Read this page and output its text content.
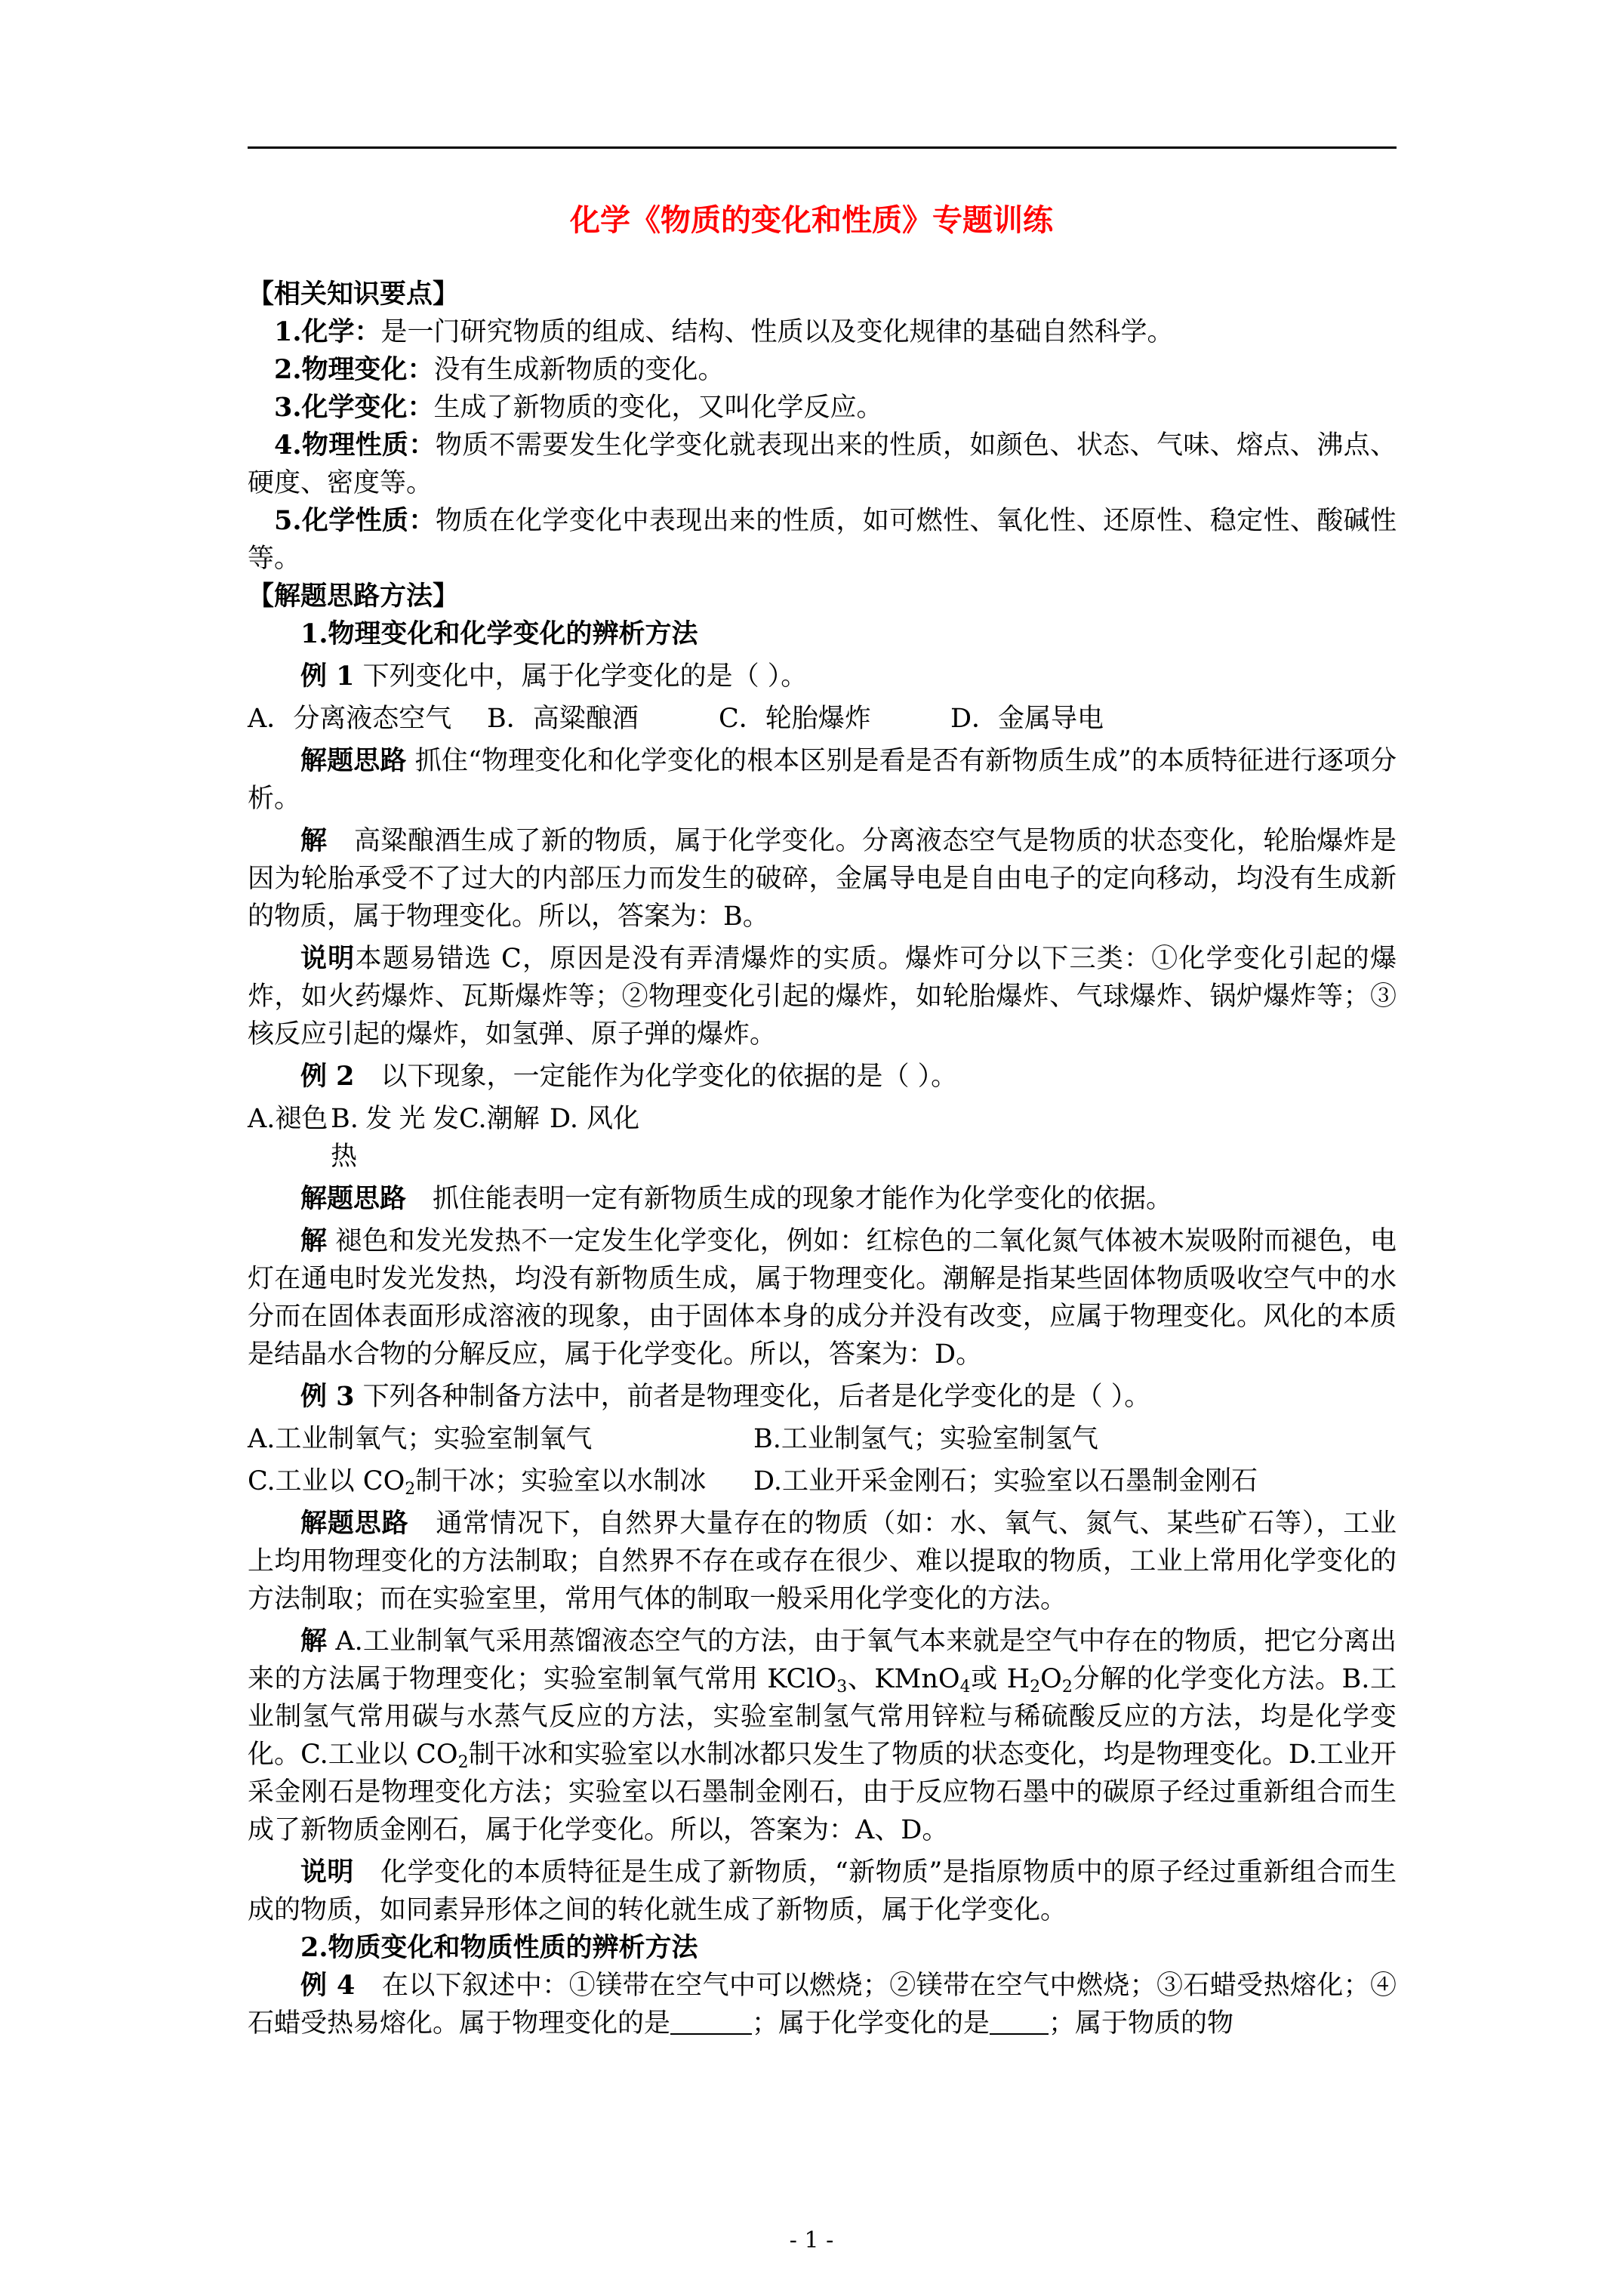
化学《物质的变化和性质》专题训练

【相关知识要点】

1.化学：是一门研究物质的组成、结构、性质以及变化规律的基础自然科学。

2.物理变化：没有生成新物质的变化。

3.化学变化：生成了新物质的变化，又叫化学反应。

4.物理性质：物质不需要发生化学变化就表现出来的性质，如颜色、状态、气味、熔点、沸点、硬度、密度等。

5.化学性质：物质在化学变化中表现出来的性质，如可燃性、氧化性、还原性、稳定性、酸碱性等。

【解题思路方法】

1.物理变化和化学变化的辨析方法

例 1 下列变化中，属于化学变化的是（ ）。

A．分离液态空气	B．高粱酿酒	C．轮胎爆炸	D．金属导电

解题思路 抓住“物理变化和化学变化的根本区别是看是否有新物质生成”的本质特征进行逐项分析。

解　高粱酿酒生成了新的物质，属于化学变化。分离液态空气是物质的状态变化，轮胎爆炸是因为轮胎承受不了过大的内部压力而发生的破碎，金属导电是自由电子的定向移动，均没有生成新的物质，属于物理变化。所以，答案为：B。

说明本题易错选 C，原因是没有弄清爆炸的实质。爆炸可分以下三类：①化学变化引起的爆炸，如火药爆炸、瓦斯爆炸等；②物理变化引起的爆炸，如轮胎爆炸、气球爆炸、锅炉爆炸等；③核反应引起的爆炸，如氢弹、原子弹的爆炸。

例 2　以下现象，一定能作为化学变化的依据的是（ ）。

A.褪色 B.发光发热
C.潮解 D. 风化

解题思路　抓住能表明一定有新物质生成的现象才能作为化学变化的依据。

解 褪色和发光发热不一定发生化学变化，例如：红棕色的二氧化氮气体被木炭吸附而褪色，电灯在通电时发光发热，均没有新物质生成，属于物理变化。潮解是指某些固体物质吸收空气中的水分而在固体表面形成溶液的现象，由于固体本身的成分并没有改变，应属于物理变化。风化的本质是结晶水合物的分解反应，属于化学变化。所以，答案为：D。

例 3 下列各种制备方法中，前者是物理变化，后者是化学变化的是（ ）。

A.工业制氧气；实验室制氧气	B.工业制氢气；实验室制氢气
C.工业以 $CO_2$制干冰；实验室以水制冰	D.工业开采金刚石；实验室以石墨制金刚石

解题思路　通常情况下，自然界大量存在的物质（如：水、氧气、氮气、某些矿石等），工业上均用物理变化的方法制取；自然界不存在或存在很少、难以提取的物质，工业上常用化学变化的方法制取；而在实验室里，常用气体的制取一般采用化学变化的方法。

解 A.工业制氧气采用蒸馏液态空气的方法，由于氧气本来就是空气中存在的物质，把它分离出来的方法属于物理变化；实验室制氧气常用 KClO$_3$、KMnO$_4$或 $H_2O_2$分解的化学变化方法。B.工业制氢气常用碳与水蒸气反应的方法，实验室制氢气常用锌粒与稀硫酸反应的方法，均是化学变化。C.工业以 $CO_2$制干冰和实验室以水制冰都只发生了物质的状态变化，均是物理变化。D.工业开采金刚石是物理变化方法；实验室以石墨制金刚石，由于反应物石墨中的碳原子经过重新组合而生成了新物质金刚石，属于化学变化。所以，答案为：A、D。

说明　化学变化的本质特征是生成了新物质，“新物质”是指原物质中的原子经过重新组合而生成的物质，如同素异形体之间的转化就生成了新物质，属于化学变化。

2.物质变化和物质性质的辨析方法

例 4　在以下叙述中：①镁带在空气中可以燃烧；②镁带在空气中燃烧；③石蜡受热熔化；④石蜡受热易熔化。属于物理变化的是	；属于化学变化的是 ；属于物质的物

- 1 -
